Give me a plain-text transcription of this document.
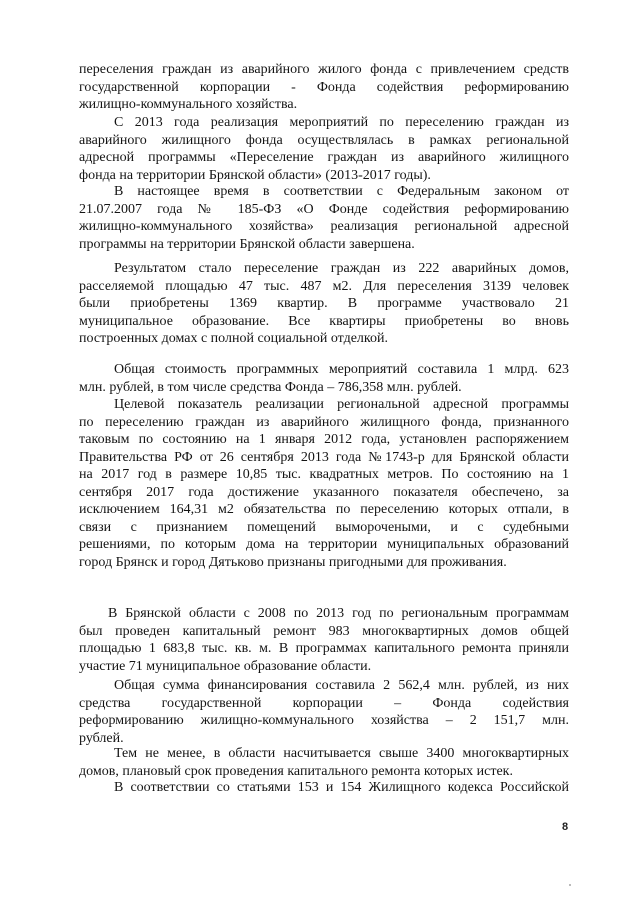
переселения граждан из аварийного жилого фонда с привлечением средств
государственной корпорации - Фонда содействия реформированию
жилищно-коммунального хозяйства.
С 2013 года реализация мероприятий по переселению граждан из
аварийного жилищного фонда осуществлялась в рамках региональной
адресной программы «Переселение граждан из аварийного жилищного
фонда на территории Брянской области» (2013-2017 годы).
В настоящее время в соответствии с Федеральным законом от
21.07.2007 года № 185-ФЗ «О Фонде содействия реформированию
жилищно-коммунального хозяйства» реализация региональной адресной
программы на территории Брянской области завершена.
Результатом стало переселение граждан из 222 аварийных домов,
расселяемой площадью 47 тыс. 487 м2. Для переселения 3139 человек
были приобретены 1369 квартир. В программе участвовало 21
муниципальное образование. Все квартиры приобретены во вновь
построенных домах с полной социальной отделкой.
Общая стоимость программных мероприятий составила 1 млрд. 623
млн. рублей, в том числе средства Фонда – 786,358 млн. рублей.
Целевой показатель реализации региональной адресной программы
по переселению граждан из аварийного жилищного фонда, признанного
таковым по состоянию на 1 января 2012 года, установлен распоряжением
Правительства РФ от 26 сентября 2013 года №1743-р для Брянской области
на 2017 год в размере 10,85 тыс. квадратных метров. По состоянию на 1
сентября 2017 года достижение указанного показателя обеспечено, за
исключением 164,31 м2 обязательства по переселению которых отпали, в
связи с признанием помещений выморочеными, и с судебными
решениями, по которым дома на территории муниципальных образований
город Брянск и город Дятьково признаны пригодными для проживания.
В Брянской области с 2008 по 2013 год по региональным программам
был проведен капитальный ремонт 983 многоквартирных домов общей
площадью 1 683,8 тыс. кв. м. В программах капитального ремонта приняли
участие 71 муниципальное образование области.
Общая сумма финансирования составила 2 562,4 млн. рублей, из них
средства государственной корпорации – Фонда содействия
реформированию жилищно-коммунального хозяйства – 2 151,7 млн.
рублей.
Тем не менее, в области насчитывается свыше 3400 многоквартирных
домов, плановый срок проведения капитального ремонта которых истек.
В соответствии со статьями 153 и 154 Жилищного кодекса Российской
8
